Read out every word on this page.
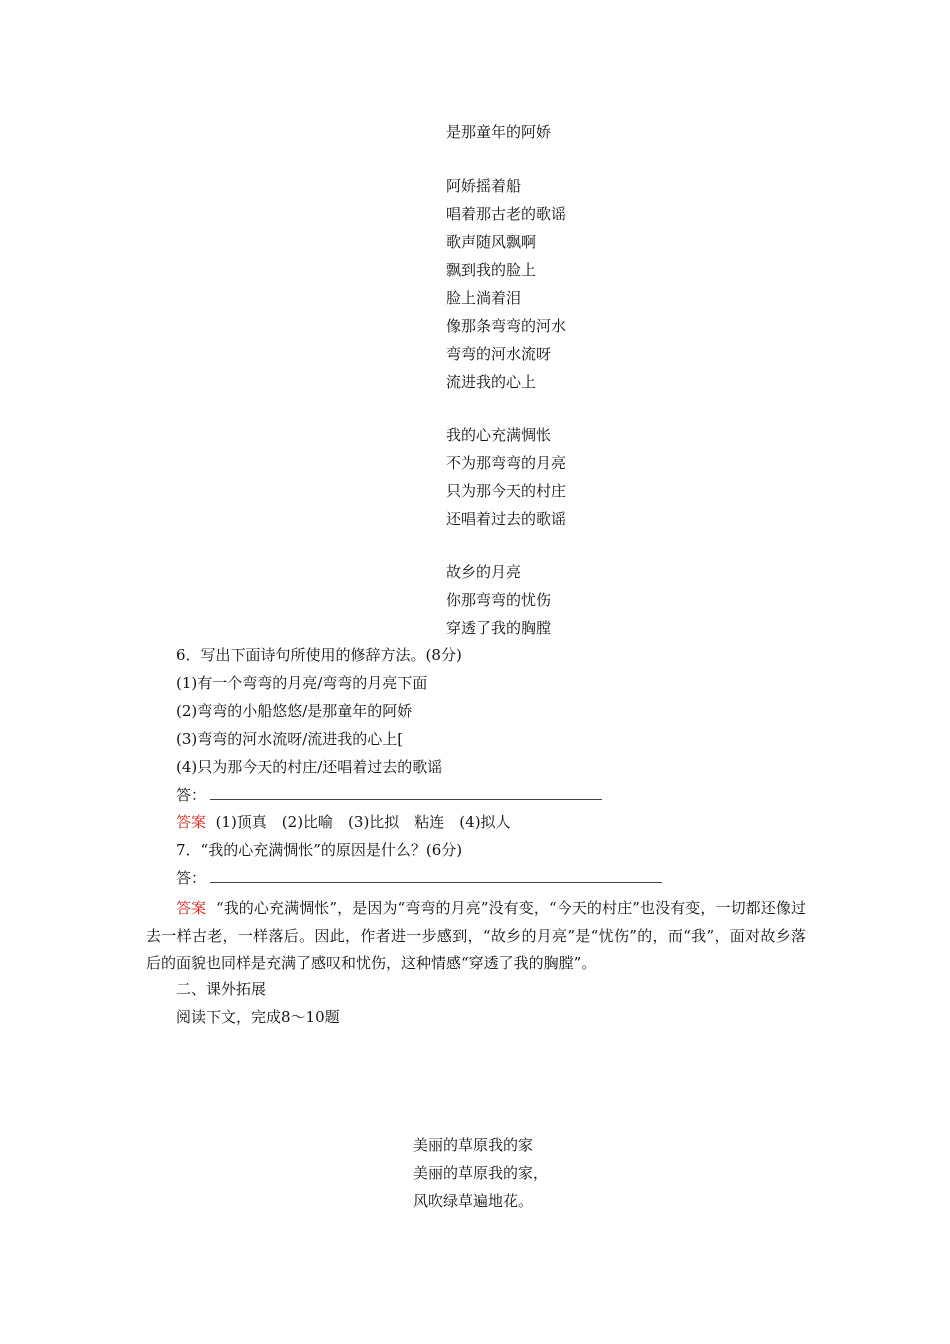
是那童年的阿娇
阿娇摇着船
唱着那古老的歌谣
歌声随风飘啊
飘到我的脸上
脸上淌着泪
像那条弯弯的河水
弯弯的河水流呀
流进我的心上
我的心充满惆怅
不为那弯弯的月亮
只为那今天的村庄
还唱着过去的歌谣
故乡的月亮
你那弯弯的忧伤
穿透了我的胸膛
6．写出下面诗句所使用的修辞方法。(8分)
(1)有一个弯弯的月亮/弯弯的月亮下面
(2)弯弯的小船悠悠/是那童年的阿娇
(3)弯弯的河水流呀/流进我的心上[
(4)只为那今天的村庄/还唱着过去的歌谣
答：
答案 (1)顶真　(2)比喻　(3)比拟　粘连　(4)拟人
7．“我的心充满惆怅”的原因是什么？(6分)
答：
答案 “我的心充满惆怅”，是因为“弯弯的月亮”没有变，“今天的村庄”也没有变，一切都还像过去一样古老，一样落后。因此，作者进一步感到，“故乡的月亮”是“忧伤”的，而“我”，面对故乡落后的面貌也同样是充满了感叹和忧伤，这种情感“穿透了我的胸膛”。
二、课外拓展
阅读下文，完成8～10题
美丽的草原我的家
美丽的草原我的家，
风吹绿草遍地花。
